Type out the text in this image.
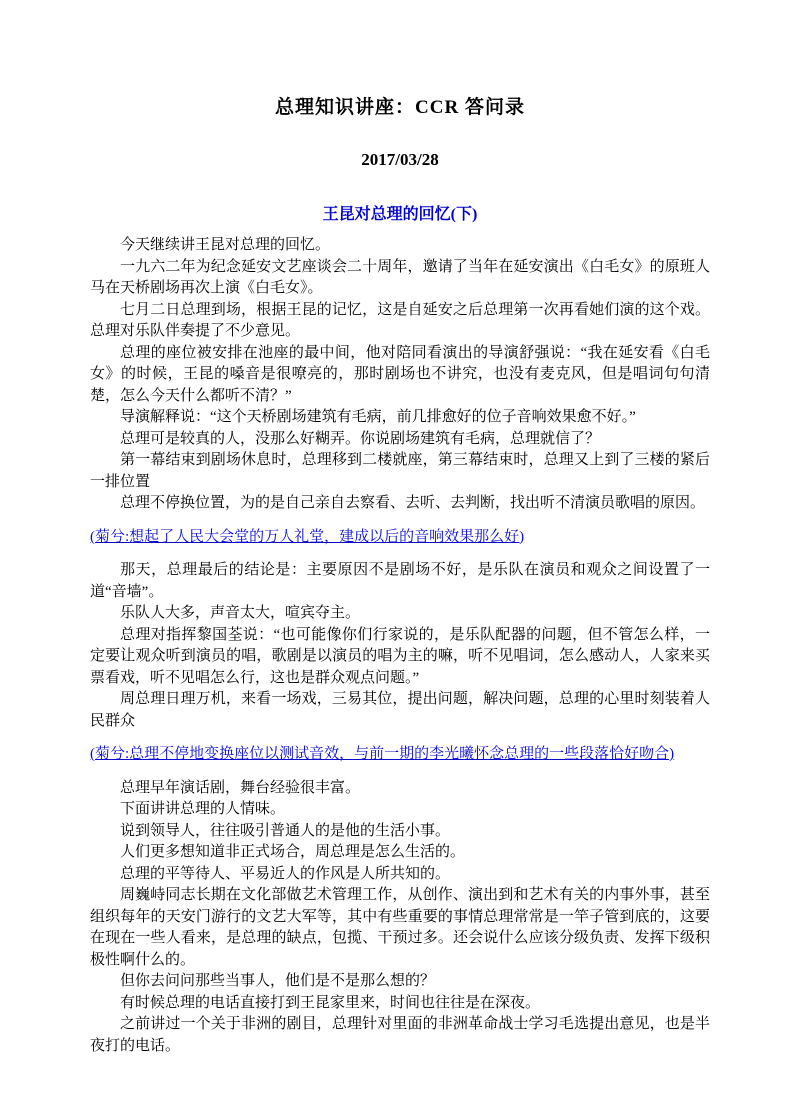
总理知识讲座：CCR 答问录
2017/03/28
王昆对总理的回忆(下)

今天继续讲王昆对总理的回忆。

一九六二年为纪念延安文艺座谈会二十周年，邀请了当年在延安演出《白毛女》的原班人马在天桥剧场再次上演《白毛女》。

七月二日总理到场，根据王昆的记忆，这是自延安之后总理第一次再看她们演的这个戏。总理对乐队伴奏提了不少意见。

总理的座位被安排在池座的最中间，他对陪同看演出的导演舒强说：“我在延安看《白毛女》的时候，王昆的嗓音是很嘹亮的，那时剧场也不讲究，也没有麦克风，但是唱词句句清楚，怎么今天什么都听不清？”

导演解释说：“这个天桥剧场建筑有毛病，前几排愈好的位子音响效果愈不好。”

总理可是较真的人，没那么好糊弄。你说剧场建筑有毛病，总理就信了？

第一幕结束到剧场休息时，总理移到二楼就座，第三幕结束时，总理又上到了三楼的紧后一排位置

总理不停换位置，为的是自己亲自去察看、去听、去判断，找出听不清演员歌唱的原因。

(菊兮:想起了人民大会堂的万人礼堂，建成以后的音响效果那么好)

那天，总理最后的结论是：主要原因不是剧场不好，是乐队在演员和观众之间设置了一道“音墙”。

乐队人大多，声音太大，喧宾夺主。

总理对指挥黎国荃说：“也可能像你们行家说的，是乐队配器的问题，但不管怎么样，一定要让观众听到演员的唱，歌剧是以演员的唱为主的嘛，听不见唱词，怎么感动人，人家来买票看戏，听不见唱怎么行，这也是群众观点问题。”

周总理日理万机，来看一场戏，三易其位，提出问题，解决问题，总理的心里时刻装着人民群众

(菊兮:总理不停地变换座位以测试音效，与前一期的李光曦怀念总理的一些段落恰好吻合)

总理早年演话剧，舞台经验很丰富。

下面讲讲总理的人情味。

说到领导人，往往吸引普通人的是他的生活小事。

人们更多想知道非正式场合，周总理是怎么生活的。

总理的平等待人、平易近人的作风是人所共知的。

周巍峙同志长期在文化部做艺术管理工作，从创作、演出到和艺术有关的内事外事，甚至组织每年的天安门游行的文艺大军等，其中有些重要的事情总理常常是一竿子管到底的，这要在现在一些人看来，是总理的缺点，包揽、干预过多。还会说什么应该分级负责、发挥下级积极性啊什么的。

但你去问问那些当事人，他们是不是那么想的？

有时候总理的电话直接打到王昆家里来，时间也往往是在深夜。

之前讲过一个关于非洲的剧目，总理针对里面的非洲革命战士学习毛选提出意见，也是半夜打的电话。
